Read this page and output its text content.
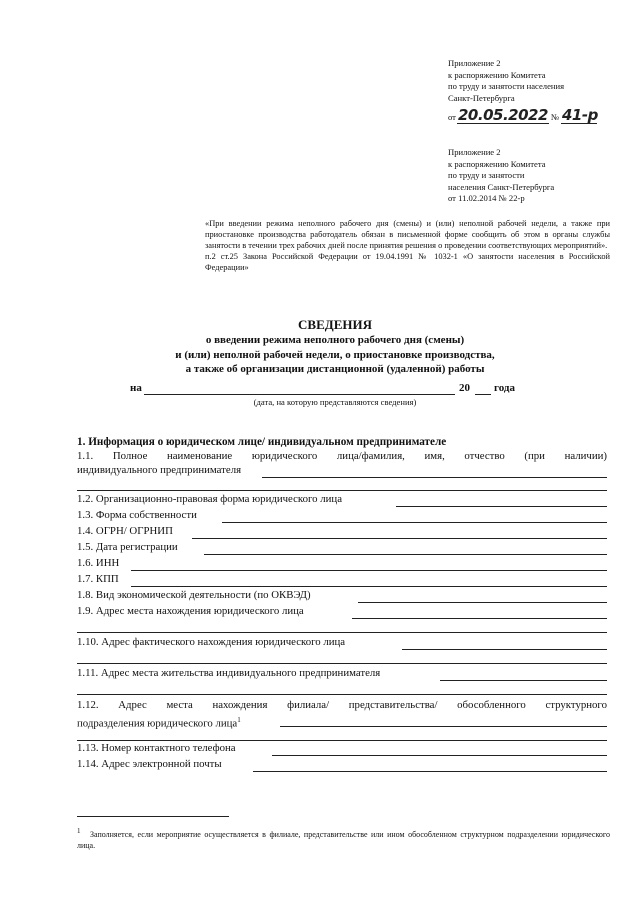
Приложение 2
к распоряжению Комитета
по труду и занятости населения
Санкт-Петербурга
от 20.05.2022 № 41-р
Приложение 2
к распоряжению Комитета
по труду и занятости
населения Санкт-Петербурга
от 11.02.2014 № 22-р
«При введении режима неполного рабочего дня (смены) и (или) неполной рабочей недели, а также при приостановке производства работодатель обязан в письменной форме сообщить об этом в органы службы занятости в течении трех рабочих дней после принятия решения о проведении соответствующих мероприятий».
п.2 ст.25 Закона Российской Федерации от 19.04.1991 № 1032-1 «О занятости населения в Российской Федерации»
СВЕДЕНИЯ
о введении режима неполного рабочего дня (смены)
и (или) неполной рабочей недели, о приостановке производства,
а также об организации дистанционной (удаленной) работы
на	20 года
(дата, на которую представляются сведения)
1. Информация о юридическом лице/ индивидуальном предпринимателе
1.1. Полное наименование юридического лица/фамилия, имя, отчество (при наличии)
индивидуального предпринимателя
1.2. Организационно-правовая форма юридического лица
1.3. Форма собственности
1.4. ОГРН/ ОГРНИП
1.5. Дата регистрации
1.6. ИНН
1.7. КПП
1.8. Вид экономической деятельности (по ОКВЭД)
1.9. Адрес места нахождения юридического лица
1.10. Адрес фактического нахождения юридического лица
1.11. Адрес места жительства индивидуального предпринимателя
1.12. Адрес места нахождения филиала/ представительства/ обособленного структурного
подразделения юридического лица$^1$
1.13. Номер контактного телефона
1.14. Адрес электронной почты
$^1$ Заполняется, если мероприятие осуществляется в филиале, представительстве или ином обособленном структурном подразделении юридического лица.
